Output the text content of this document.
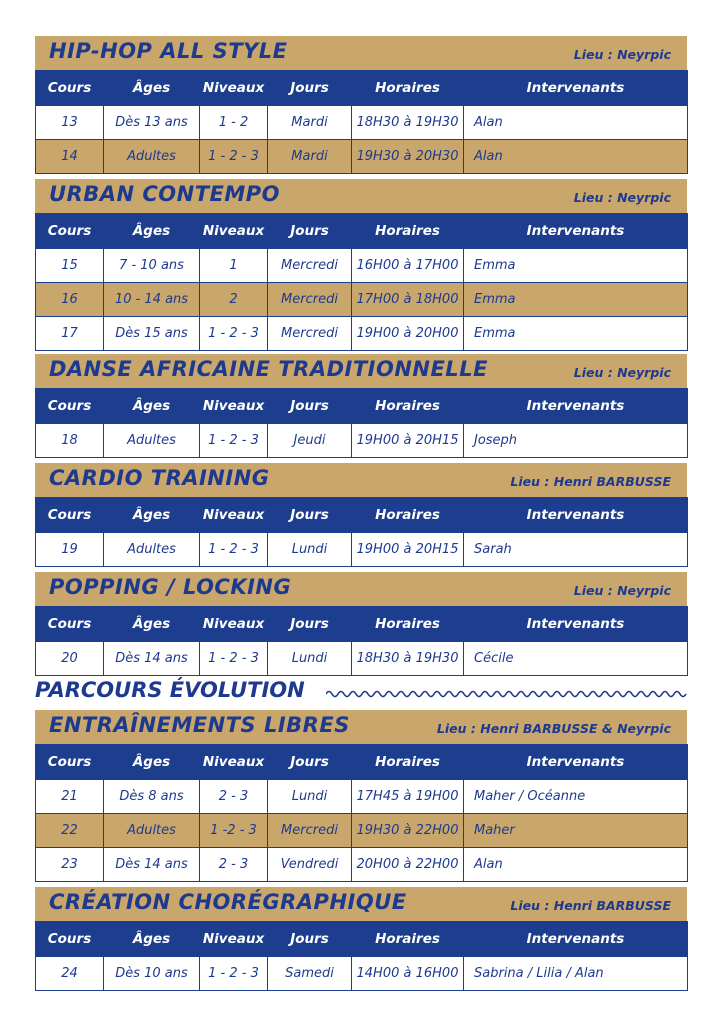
HIP-HOP ALL STYLE	Lieu : Neyrpic
Cours	Âges	Niveaux	Jours	Horaires	Intervenants
13	Dès 13 ans	1 - 2	Mardi	18H30 à 19H30	Alan
14	Adultes	1 - 2 - 3	Mardi	19H30 à 20H30	Alan
URBAN CONTEMPO	Lieu : Neyrpic
Cours	Âges	Niveaux	Jours	Horaires	Intervenants
15	7 - 10 ans	1	Mercredi	16H00 à 17H00	Emma
16	10 - 14 ans	2	Mercredi	17H00 à 18H00	Emma
17	Dès 15 ans	1 - 2 - 3	Mercredi	19H00 à 20H00	Emma
DANSE AFRICAINE TRADITIONNELLE	Lieu : Neyrpic
Cours	Âges	Niveaux	Jours	Horaires	Intervenants
18	Adultes	1 - 2 - 3	Jeudi	19H00 à 20H15	Joseph
CARDIO TRAINING	Lieu : Henri BARBUSSE
Cours	Âges	Niveaux	Jours	Horaires	Intervenants
19	Adultes	1 - 2 - 3	Lundi	19H00 à 20H15	Sarah
POPPING / LOCKING	Lieu : Neyrpic
Cours	Âges	Niveaux	Jours	Horaires	Intervenants
20	Dès 14 ans	1 - 2 - 3	Lundi	18H30 à 19H30	Cécile
ENTRAÎNEMENTS LIBRES	Lieu : Henri BARBUSSE & Neyrpic
Cours	Âges	Niveaux	Jours	Horaires	Intervenants
21	Dès 8 ans	2 - 3	Lundi	17H45 à 19H00	Maher / Océanne
22	Adultes	1 -2 - 3	Mercredi	19H30 à 22H00	Maher
23	Dès 14 ans	2 - 3	Vendredi	20H00 à 22H00	Alan
CRÉATION CHORÉGRAPHIQUE	Lieu : Henri BARBUSSE
Cours	Âges	Niveaux	Jours	Horaires	Intervenants
24	Dès 10 ans	1 - 2 - 3	Samedi	14H00 à 16H00	Sabrina / Lilia / Alan
PARCOURS ÉVOLUTION
